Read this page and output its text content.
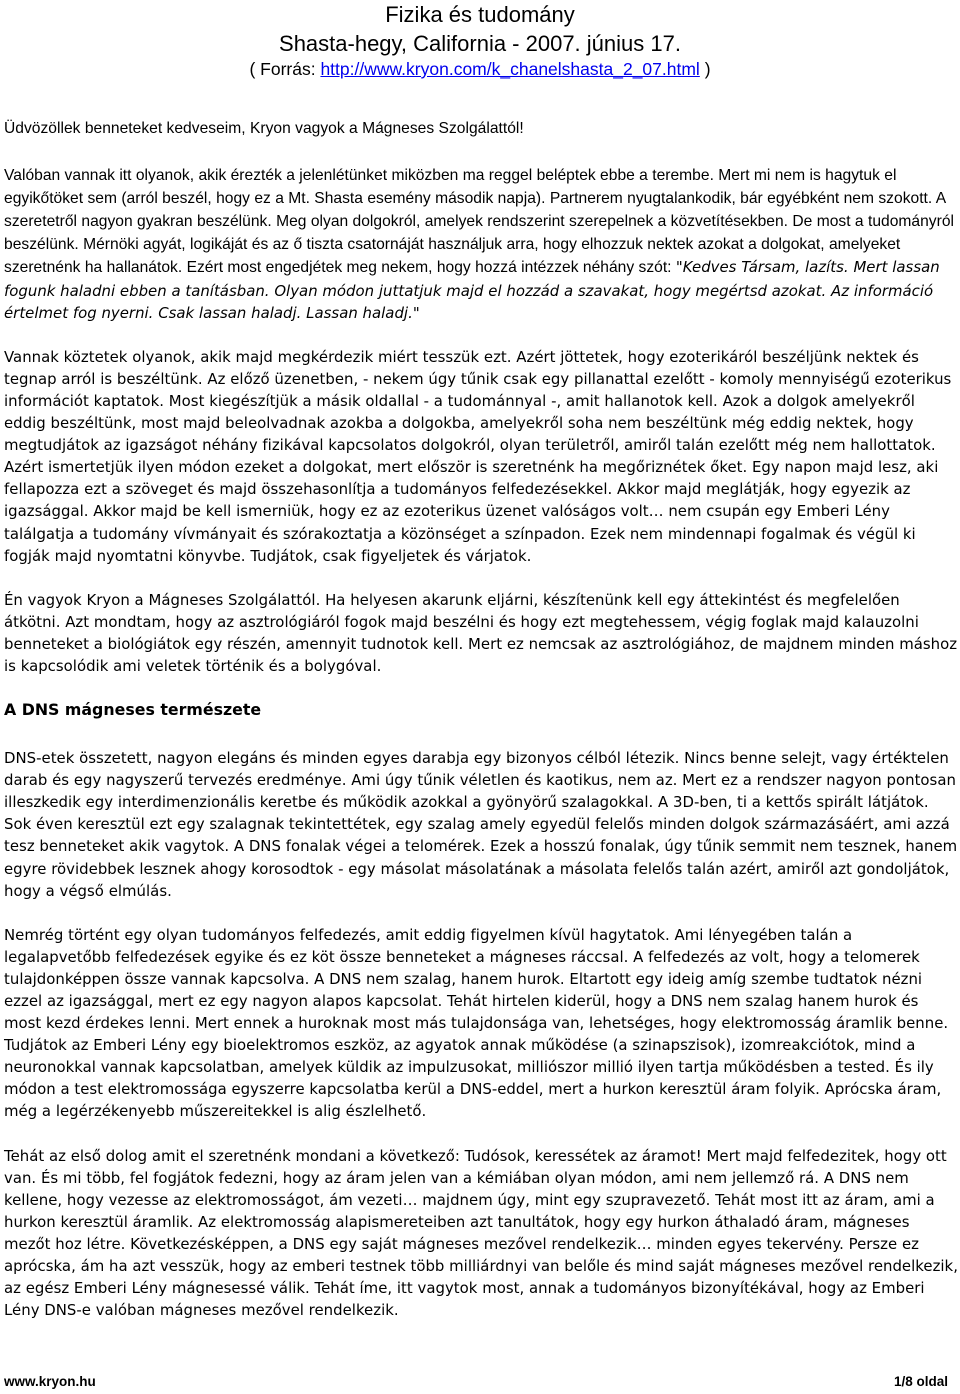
Fizika és tudomány
Shasta-hegy, California - 2007. június 17.
( Forrás: http://www.kryon.com/k_chanelshasta_2_07.html )

Üdvözöllek benneteket kedveseim, Kryon vagyok a Mágneses Szolgálattól!

Valóban vannak itt olyanok, akik érezték a jelenlétünket miközben ma reggel beléptek ebbe a terembe. Mert mi nem is hagytuk el egyikőtöket sem (arról beszél, hogy ez a Mt. Shasta esemény második napja). Partnerem nyugtalankodik, bár egyébként nem szokott. A szeretetről nagyon gyakran beszélünk. Meg olyan dolgokról, amelyek rendszerint szerepelnek a közvetítésekben. De most a tudományról beszélünk. Mérnöki agyát, logikáját és az ő tiszta csatornáját használjuk arra, hogy elhozzuk nektek azokat a dolgokat, amelyeket szeretnénk ha hallanátok. Ezért most engedjétek meg nekem, hogy hozzá intézzek néhány szót: "Kedves Társam, lazíts. Mert lassan fogunk haladni ebben a tanításban. Olyan módon juttatjuk majd el hozzád a szavakat, hogy megértsd azokat. Az információ értelmet fog nyerni. Csak lassan haladj. Lassan haladj."

Vannak köztetek olyanok, akik majd megkérdezik miért tesszük ezt. Azért jöttetek, hogy ezoterikáról beszéljünk nektek és tegnap arról is beszéltünk. Az előző üzenetben, - nekem úgy tűnik csak egy pillanattal ezelőtt - komoly mennyiségű ezoterikus információt kaptatok. Most kiegészítjük a másik oldallal - a tudománnyal -, amit hallanotok kell. Azok a dolgok amelyekről eddig beszéltünk, most majd beleolvadnak azokba a dolgokba, amelyekről soha nem beszéltünk még eddig nektek, hogy megtudjátok az igazságot néhány fizikával kapcsolatos dolgokról, olyan területről, amiről talán ezelőtt még nem hallottatok. Azért ismertetjük ilyen módon ezeket a dolgokat, mert először is szeretnénk ha megőriznétek őket. Egy napon majd lesz, aki fellapozza ezt a szöveget és majd összehasonlítja a tudományos felfedezésekkel. Akkor majd meglátják, hogy egyezik az igazsággal. Akkor majd be kell ismerniük, hogy ez az ezoterikus üzenet valóságos volt… nem csupán egy Emberi Lény találgatja a tudomány vívmányait és szórakoztatja a közönséget a színpadon. Ezek nem mindennapi fogalmak és végül ki fogják majd nyomtatni könyvbe. Tudjátok, csak figyeljetek és várjatok.

Én vagyok Kryon a Mágneses Szolgálattól. Ha helyesen akarunk eljárni, készítenünk kell egy áttekintést és megfelelően átkötni. Azt mondtam, hogy az asztrológiáról fogok majd beszélni és hogy ezt megtehessem, végig foglak majd kalauzolni benneteket a biológiátok egy részén, amennyit tudnotok kell. Mert ez nemcsak az asztrológiához, de majdnem minden máshoz is kapcsolódik ami veletek történik és a bolygóval.

A DNS mágneses természete

DNS-etek összetett, nagyon elegáns és minden egyes darabja egy bizonyos célból létezik. Nincs benne selejt, vagy értéktelen darab és egy nagyszerű tervezés eredménye. Ami úgy tűnik véletlen és kaotikus, nem az. Mert ez a rendszer nagyon pontosan illeszkedik egy interdimenzionális keretbe és működik azokkal a gyönyörű szalagokkal. A 3D-ben, ti a kettős spirált látjátok. Sok éven keresztül ezt egy szalagnak tekintettétek, egy szalag amely egyedül felelős minden dolgok származásáért, ami azzá tesz benneteket akik vagytok. A DNS fonalak végei a telomérek. Ezek a hosszú fonalak, úgy tűnik semmit nem tesznek, hanem egyre rövidebbek lesznek ahogy korosodtok - egy másolat másolatának a másolata felelős talán azért, amiről azt gondoljátok, hogy a végső elmúlás.

Nemrég történt egy olyan tudományos felfedezés, amit eddig figyelmen kívül hagytatok. Ami lényegében talán a legalapvetőbb felfedezések egyike és ez köt össze benneteket a mágneses ráccsal. A felfedezés az volt, hogy a telomerek tulajdonképpen össze vannak kapcsolva. A DNS nem szalag, hanem hurok. Eltartott egy ideig amíg szembe tudtatok nézni ezzel az igazsággal, mert ez egy nagyon alapos kapcsolat. Tehát hirtelen kiderül, hogy a DNS nem szalag hanem hurok és most kezd érdekes lenni. Mert ennek a huroknak most más tulajdonsága van, lehetséges, hogy elektromosság áramlik benne. Tudjátok az Emberi Lény egy bioelektromos eszköz, az agyatok annak működése (a szinapszisok), izomreakciótok, mind a neuronokkal vannak kapcsolatban, amelyek küldik az impulzusokat, milliószor millió ilyen tartja működésben a tested. És ily módon a test elektromossága egyszerre kapcsolatba kerül a DNS-eddel, mert a hurkon keresztül áram folyik. Aprócska áram, még a legérzékenyebb műszereitekkel is alig észlelhető.

Tehát az első dolog amit el szeretnénk mondani a következő: Tudósok, keressétek az áramot! Mert majd felfedezitek, hogy ott van. És mi több, fel fogjátok fedezni, hogy az áram jelen van a kémiában olyan módon, ami nem jellemző rá. A DNS nem kellene, hogy vezesse az elektromosságot, ám vezeti… majdnem úgy, mint egy szupravezető. Tehát most itt az áram, ami a hurkon keresztül áramlik. Az elektromosság alapismereteiben azt tanultátok, hogy egy hurkon áthaladó áram, mágneses mezőt hoz létre. Következésképpen, a DNS egy saját mágneses mezővel rendelkezik… minden egyes tekervény. Persze ez aprócska, ám ha azt vesszük, hogy az emberi testnek több milliárdnyi van belőle és mind saját mágneses mezővel rendelkezik, az egész Emberi Lény mágnesessé válik. Tehát íme, itt vagytok most, annak a tudományos bizonyítékával, hogy az Emberi Lény DNS-e valóban mágneses mezővel rendelkezik.

www.kryon.hu	1/8 oldal
